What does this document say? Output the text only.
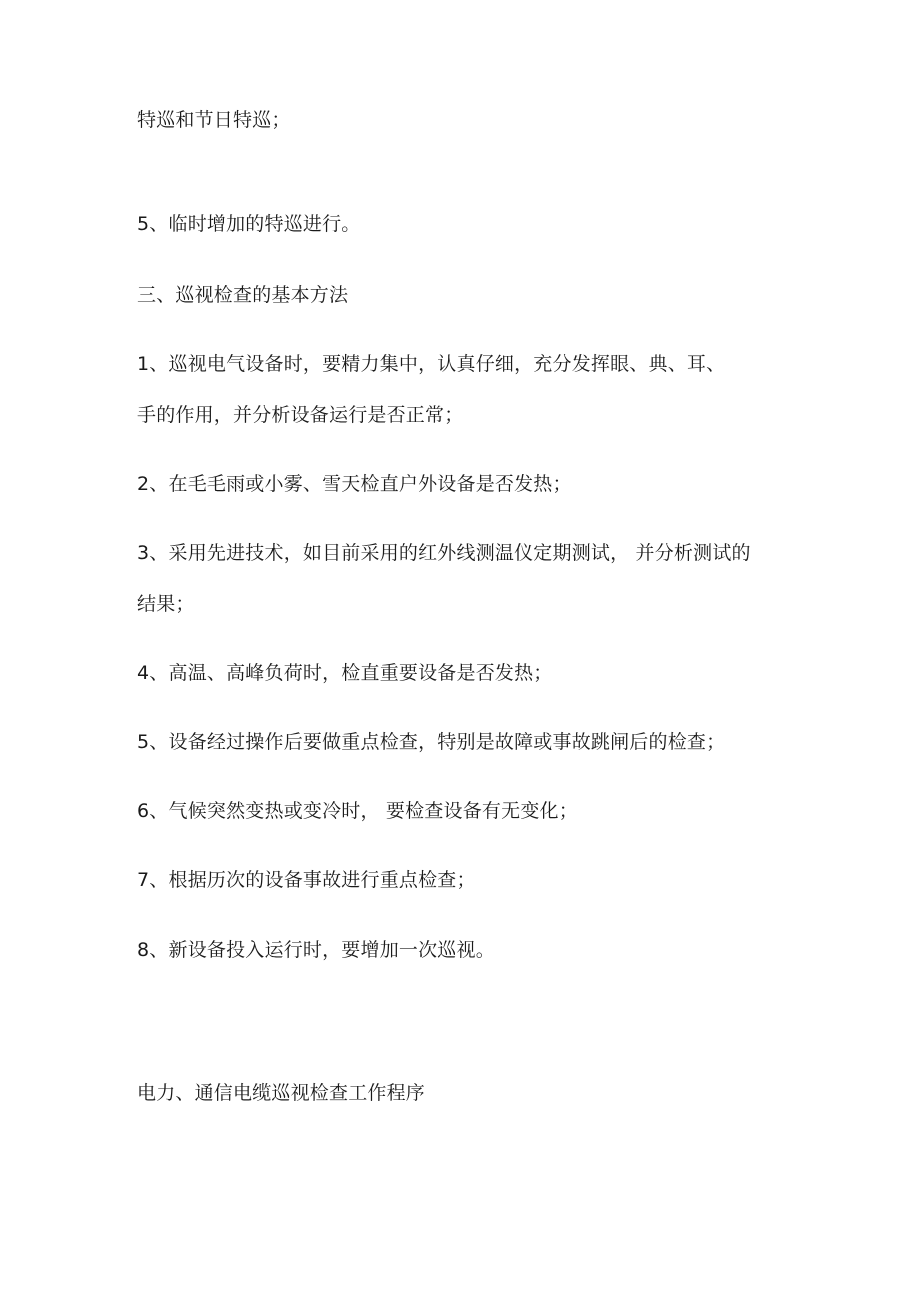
特巡和节日特巡；
5、临时增加的特巡进行。
三、巡视检查的基本方法
1、巡视电气设备时，要精力集中，认真仔细，充分发挥眼、典、耳、
手的作用，并分析设备运行是否正常；
2、在毛毛雨或小雾、雪天检直户外设备是否发热；
3、采用先进技术，如目前采用的红外线测温仪定期测试， 并分析测试的
结果；
4、高温、高峰负荷时，检直重要设备是否发热；
5、设备经过操作后要做重点检查，特别是故障或事故跳闸后的检查；
6、气候突然变热或变冷时， 要检查设备有无变化；
7、根据历次的设备事故进行重点检查；
8、新设备投入运行时，要增加一次巡视。
电力、通信电缆巡视检查工作程序
